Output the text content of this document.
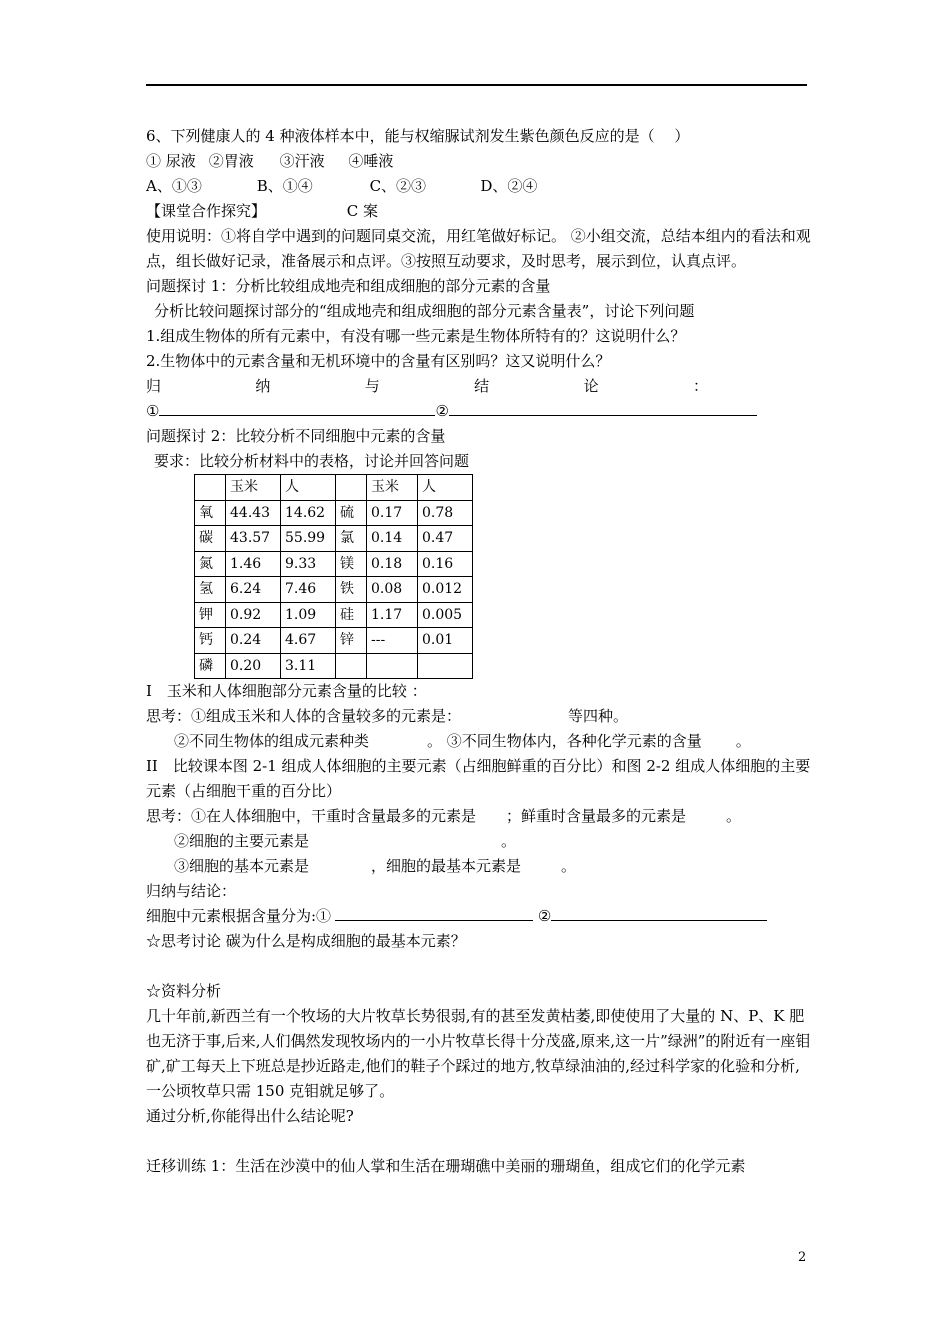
6、下列健康人的 4 种液体样本中，能与权缩脲试剂发生紫色颜色反应的是（　 ）
① 尿液 ②胃液 ③汗液 ④唾液
A、①③	B、①④	C、②③	D、②④
【课堂合作探究】	C 案
使用说明：①将自学中遇到的问题同桌交流，用红笔做好标记。 ②小组交流，总结本组内的看法和观点，组长做好记录，准备展示和点评。③按照互动要求，及时思考，展示到位，认真点评。
问题探讨 1：分析比较组成地壳和组成细胞的部分元素的含量
分析比较问题探讨部分的“组成地壳和组成细胞的部分元素含量表”，讨论下列问题
1.组成生物体的所有元素中，有没有哪一些元素是生物体所特有的？这说明什么？
2.生物体中的元素含量和无机环境中的含量有区别吗？这又说明什么？
归	纳	与	结	论	：
①	②
问题探讨 2：比较分析不同细胞中元素的含量
要求：比较分析材料中的表格，讨论并回答问题
	玉米	人		玉米	人
氧	44.43	14.62	硫	0.17	0.78
碳	43.57	55.99	氯	0.14	0.47
氮	1.46	9.33	镁	0.18	0.16
氢	6.24	7.46	铁	0.08	0.012
钾	0.92	1.09	硅	1.17	0.005
钙	0.24	4.67	锌	---	0.01
磷	0.20	3.11			
I　玉米和人体细胞部分元素含量的比较 ：
思考：①组成玉米和人体的含量较多的元素是：	等四种。
②不同生物体的组成元素种类	。 ③不同生物体内，各种化学元素的含量 。
II　比较课本图 2-1 组成人体细胞的主要元素（占细胞鲜重的百分比）和图 2-2 组成人体细胞的主要元素（占细胞干重的百分比）
思考：①在人体细胞中，干重时含量最多的元素是 ；鲜重时含量最多的元素是	。
②细胞的主要元素是	。
③细胞的基本元素是	，细胞的最基本元素是	。
归纳与结论：
细胞中元素根据含量分为:①	②
☆思考讨论 碳为什么是构成细胞的最基本元素？
☆资料分析
几十年前,新西兰有一个牧场的大片牧草长势很弱,有的甚至发黄枯萎,即使使用了大量的 N、P、K 肥也无济于事,后来,人们偶然发现牧场内的一小片牧草长得十分茂盛,原来,这一片”绿洲”的附近有一座钼矿,矿工每天上下班总是抄近路走,他们的鞋子个踩过的地方,牧草绿油油的,经过科学家的化验和分析,一公顷牧草只需 150 克钼就足够了。
通过分析,你能得出什么结论呢?
迁移训练 1：生活在沙漠中的仙人掌和生活在珊瑚礁中美丽的珊瑚鱼，组成它们的化学元素
2
